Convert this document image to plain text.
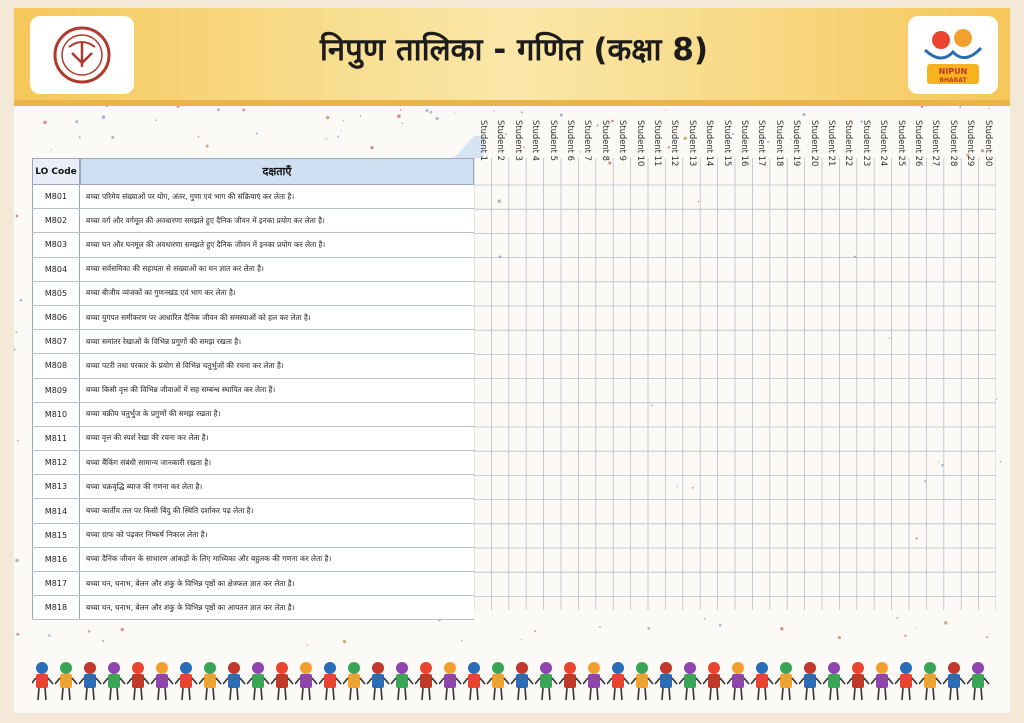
निपुण तालिका - गणित (कक्षा 8)
NIPUN
BHARAT
LO Code	दक्षताएँ
Student 1 Student 2 Student 3 Student 4 Student 5 Student 6 Student 7 Student 8 Student 9 Student 10 Student 11 Student 12 Student 13 Student 14 Student 15 Student 16 Student 17 Student 18 Student 19 Student 20 Student 21 Student 22 Student 23 Student 24 Student 25 Student 26 Student 27 Student 28 Student 29 Student 30
M801	बच्चा परिमेय संख्याओं पर योग, अंतर, गुणा एवं भाग की संक्रियाएं कर लेता है।
M802	बच्चा वर्ग और वर्गमूल की अवधारणा समझते हुए दैनिक जीवन में इनका प्रयोग कर लेता है।
M803	बच्चा घन और घनमूल की अवधारणा समझते हुए दैनिक जीवन में इनका प्रयोग कर लेता है।
M804	बच्चा सर्वसमिका की सहायता से संख्याओं का घन ज्ञात कर लेता है।
M805	बच्चा बीजीय व्यंजकों का गुणनखंड एवं भाग कर लेता है।
M806	बच्चा युगपत समीकरण पर आधारित दैनिक जीवन की समस्याओं को हल कर लेता है।
M807	बच्चा समांतर रेखाओं के विभिन्न प्रगुणों की समझ रखता है।
M808	बच्चा पटरी तथा परकार के प्रयोग से विभिन्न चतुर्भुजों की रचना कर लेता है।
M809	बच्चा किसी वृत्त की विभिन्न जीवाओं में सह सम्बन्ध स्थापित कर लेता है।
M810	बच्चा चक्रीय चतुर्भुज के प्रगुणों की समझ रखता है।
M811	बच्चा वृत्त की स्पर्श रेखा की रचना कर लेता है।
M812	बच्चा बैंकिंग संबंधी सामान्य जानकारी रखता है।
M813	बच्चा चक्रवृद्धि ब्याज की गणना कर लेता है।
M814	बच्चा कार्तीय तल पर किसी बिंदु की स्थिति दर्शाकर पढ़ लेता है।
M815	बच्चा ग्राफ को पढ़कर निष्कर्ष निकाल लेता है।
M816	बच्चा दैनिक जीवन के साधारण आंकड़ों के लिए माध्यिका और बहुलक की गणना कर लेता है।
M817	बच्चा घन, घनाभ, बेलन और शंकु के विभिन्न पृष्ठों का क्षेत्रफल ज्ञात कर लेता है।
M818	बच्चा घन, घनाभ, बेलन और शंकु के विभिन्न पृष्ठों का आयतन ज्ञात कर लेता है।
